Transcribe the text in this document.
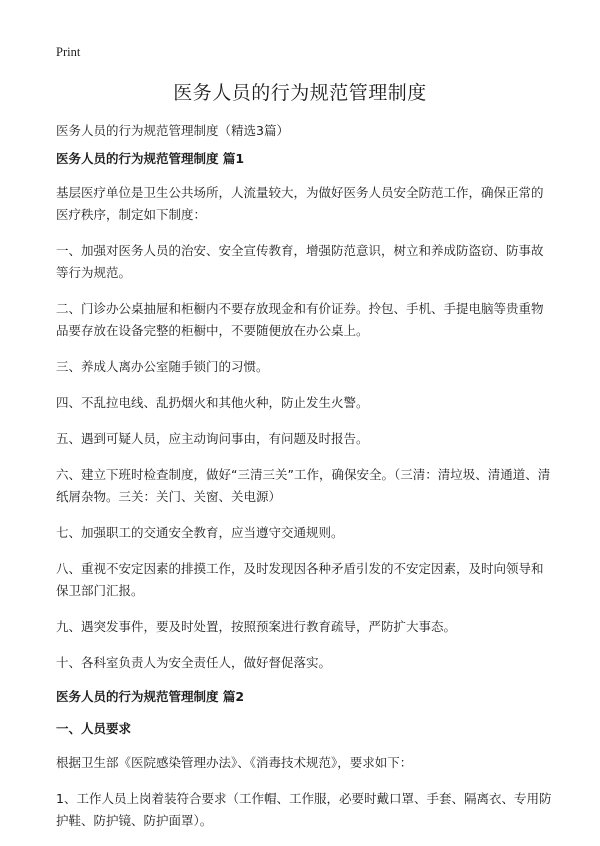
Print
医务人员的行为规范管理制度

医务人员的行为规范管理制度（精选3篇）

医务人员的行为规范管理制度 篇1

基层医疗单位是卫生公共场所，人流量较大，为做好医务人员安全防范工作，确保正常的医疗秩序，制定如下制度：

一、加强对医务人员的治安、安全宣传教育，增强防范意识，树立和养成防盗窃、防事故等行为规范。

二、门诊办公桌抽屉和柜橱内不要存放现金和有价证券。拎包、手机、手提电脑等贵重物品要存放在设备完整的柜橱中，不要随便放在办公桌上。

三、养成人离办公室随手锁门的习惯。

四、不乱拉电线、乱扔烟火和其他火种，防止发生火警。

五、遇到可疑人员，应主动询问事由，有问题及时报告。

六、建立下班时检查制度，做好“三清三关”工作，确保安全。（三清：清垃圾、清通道、清纸屑杂物。三关：关门、关窗、关电源）

七、加强职工的交通安全教育，应当遵守交通规则。

八、重视不安定因素的排摸工作，及时发现因各种矛盾引发的不安定因素，及时向领导和保卫部门汇报。

九、遇突发事件，要及时处置，按照预案进行教育疏导，严防扩大事态。

十、各科室负责人为安全责任人，做好督促落实。

医务人员的行为规范管理制度 篇2
一、人员要求

根据卫生部《医院感染管理办法》、《消毒技术规范》，要求如下：

1、工作人员上岗着装符合要求（工作帽、工作服，必要时戴口罩、手套、隔离衣、专用防护鞋、防护镜、防护面罩）。
